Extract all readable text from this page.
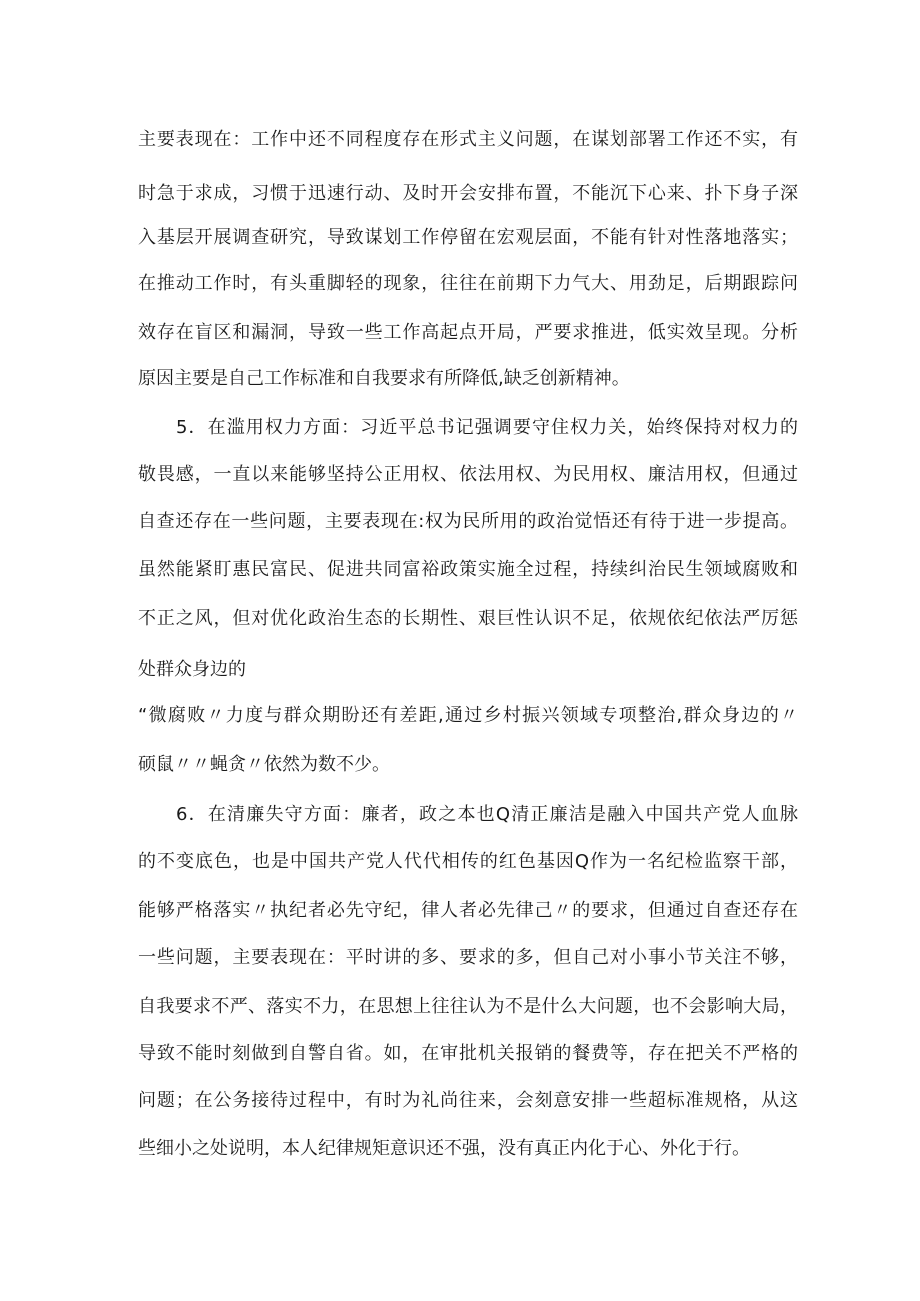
主要表现在：工作中还不同程度存在形式主义问题，在谋划部署工作还不实，有
时急于求成，习惯于迅速行动、及时开会安排布置，不能沉下心来、扑下身子深
入基层开展调查研究，导致谋划工作停留在宏观层面，不能有针对性落地落实；
在推动工作时，有头重脚轻的现象，往往在前期下力气大、用劲足，后期跟踪问
效存在盲区和漏洞，导致一些工作高起点开局，严要求推进，低实效呈现。分析
原因主要是自己工作标准和自我要求有所降低,缺乏创新精神。
5．在滥用权力方面：习近平总书记强调要守住权力关，始终保持对权力的
敬畏感，一直以来能够坚持公正用权、依法用权、为民用权、廉洁用权，但通过
自查还存在一些问题，主要表现在:权为民所用的政治觉悟还有待于进一步提高。
虽然能紧盯惠民富民、促进共同富裕政策实施全过程，持续纠治民生领域腐败和
不正之风，但对优化政治生态的长期性、艰巨性认识不足，依规依纪依法严厉惩
处群众身边的
“微腐败〃力度与群众期盼还有差距,通过乡村振兴领域专项整治,群众身边的〃
硕鼠〃〃蝇贪〃依然为数不少。
6．在清廉失守方面：廉者，政之本也Q清正廉洁是融入中国共产党人血脉
的不变底色，也是中国共产党人代代相传的红色基因Q作为一名纪检监察干部，
能够严格落实〃执纪者必先守纪，律人者必先律己〃的要求，但通过自查还存在
一些问题，主要表现在：平时讲的多、要求的多，但自己对小事小节关注不够，
自我要求不严、落实不力，在思想上往往认为不是什么大问题，也不会影响大局，
导致不能时刻做到自警自省。如，在审批机关报销的餐费等，存在把关不严格的
问题；在公务接待过程中，有时为礼尚往来，会刻意安排一些超标准规格，从这
些细小之处说明，本人纪律规矩意识还不强，没有真正内化于心、外化于行。
